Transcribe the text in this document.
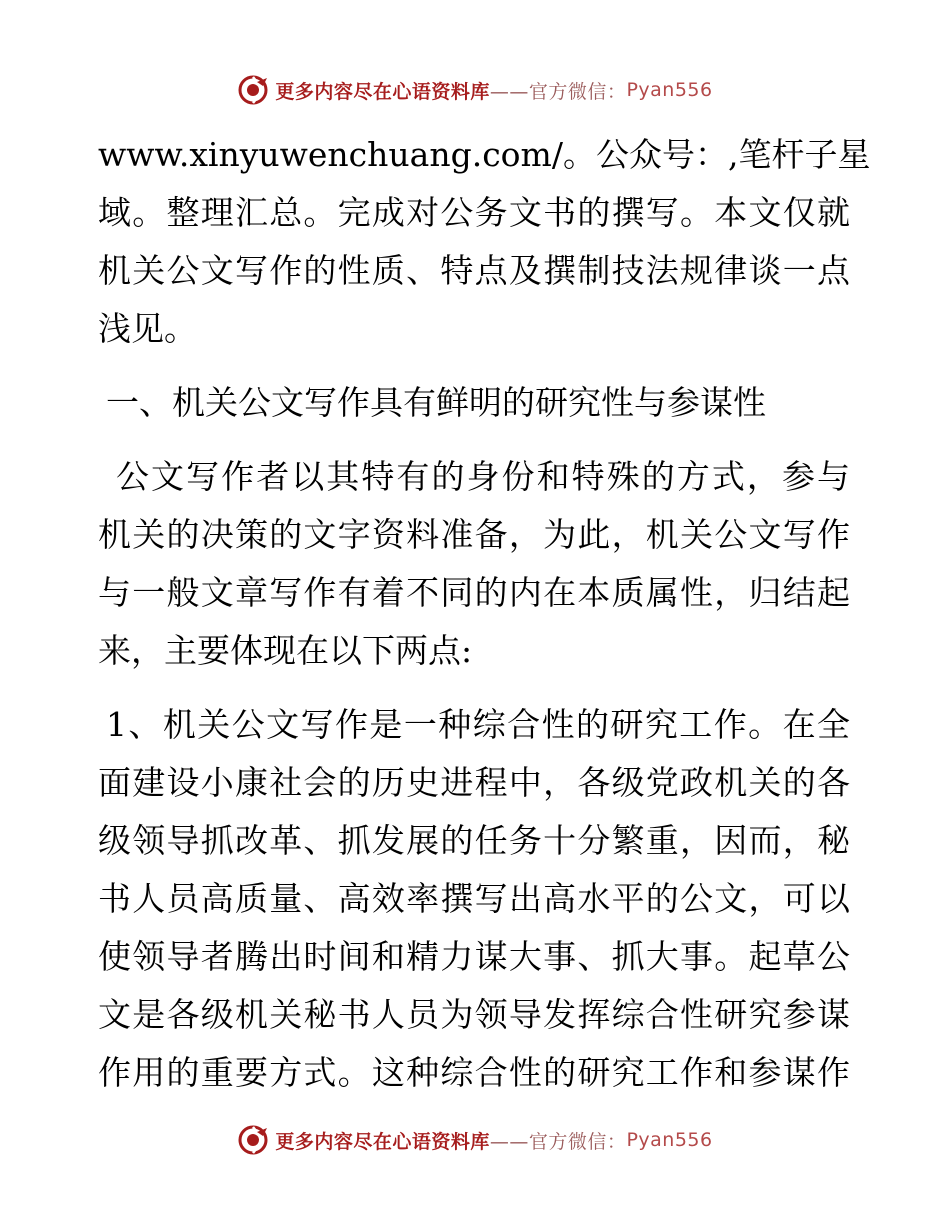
更多内容尽在心语资料库 ——官方微信： Pyan556
www.xinyuwenchuang.com/。公众号：,笔杆子星
域。整理汇总。完成对公务文书的撰写。本文仅就
机关公文写作的性质、特点及撰制技法规律谈一点
浅见。
一、机关公文写作具有鲜明的研究性与参谋性
公文写作者以其特有的身份和特殊的方式，参与
机关的决策的文字资料准备，为此，机关公文写作
与一般文章写作有着不同的内在本质属性，归结起
来，主要体现在以下两点:
1、机关公文写作是一种综合性的研究工作。在全
面建设小康社会的历史进程中，各级党政机关的各
级领导抓改革、抓发展的任务十分繁重，因而，秘
书人员高质量、高效率撰写出高水平的公文，可以
使领导者腾出时间和精力谋大事、抓大事。起草公
文是各级机关秘书人员为领导发挥综合性研究参谋
作用的重要方式。这种综合性的研究工作和参谋作
更多内容尽在心语资料库 ——官方微信： Pyan556
